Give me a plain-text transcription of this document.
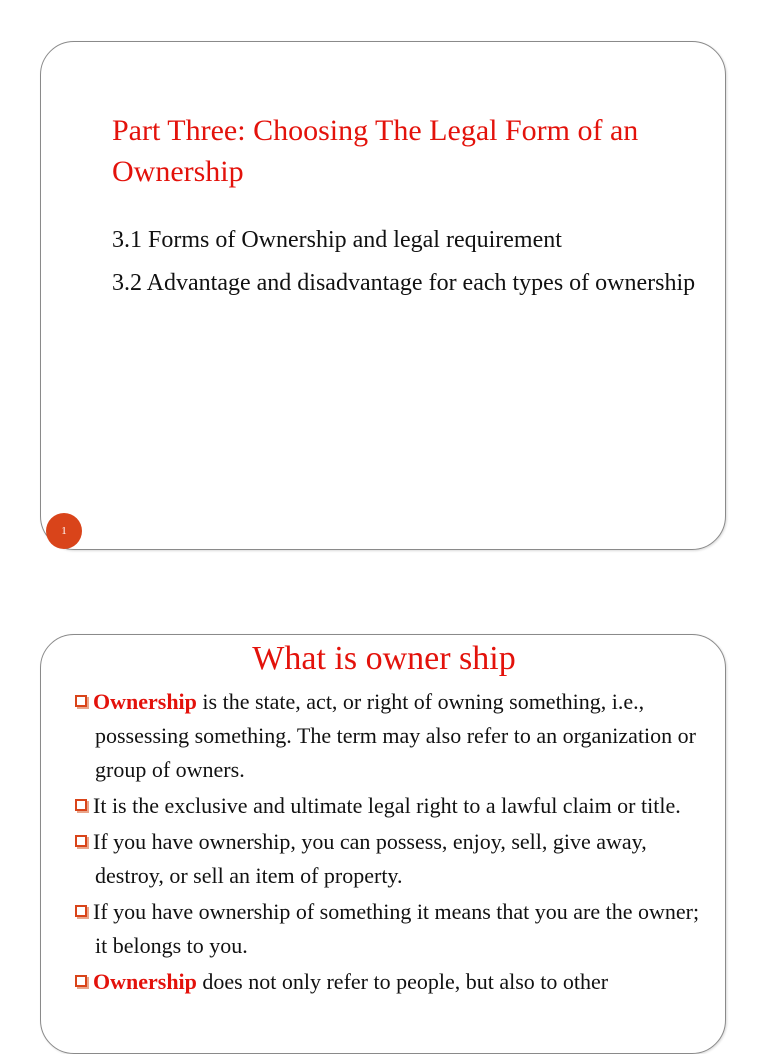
Part Three: Choosing The Legal Form of an Ownership
3.1 Forms of Ownership and legal requirement
3.2 Advantage and disadvantage for each types of ownership
1
What is owner ship
Ownership is the state, act, or right of owning something, i.e., possessing something. The term may also refer to an organization or group of owners.
It is the exclusive and ultimate legal right to a lawful claim or title.
If you have ownership, you can possess, enjoy, sell, give away, destroy, or sell an item of property.
If you have ownership of something it means that you are the owner; it belongs to you.
Ownership does not only refer to people, but also to other
